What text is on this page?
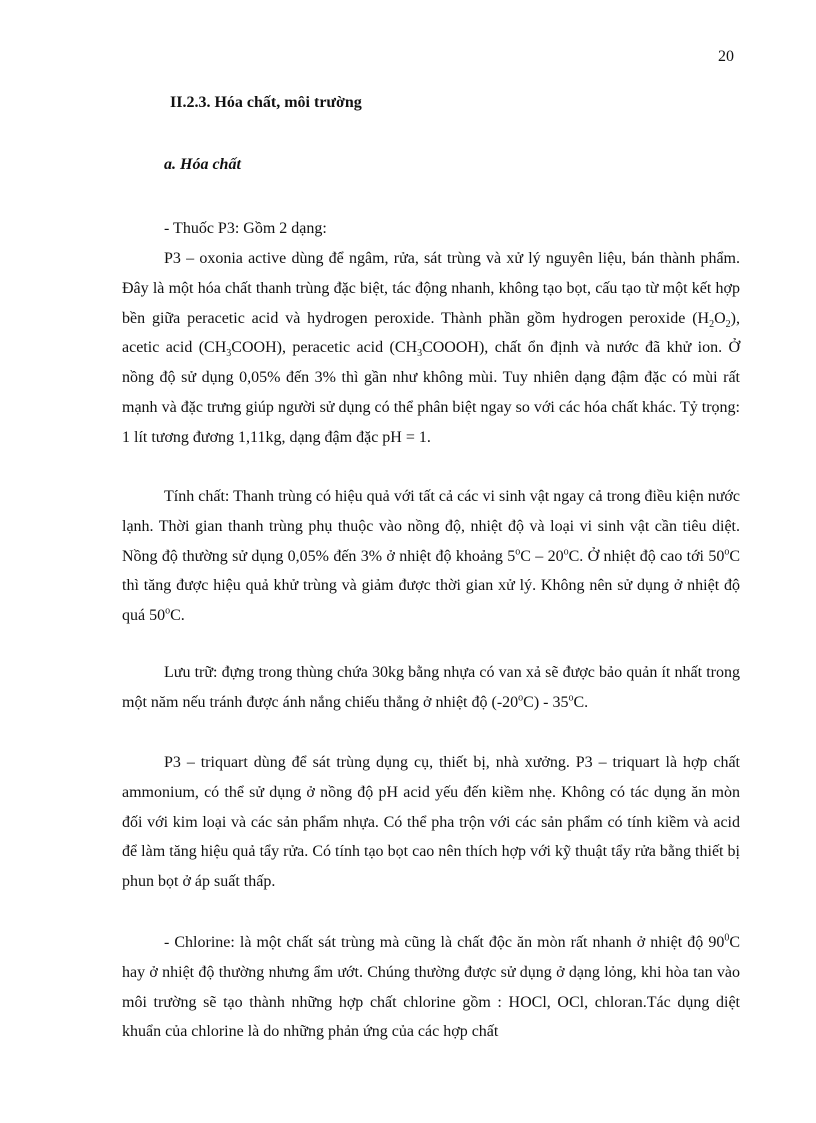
20
II.2.3. Hóa chất, môi trường
a. Hóa chất

- Thuốc P3: Gồm 2 dạng:

P3 – oxonia active dùng để ngâm, rửa, sát trùng và xử lý nguyên liệu, bán thành phẩm. Đây là một hóa chất thanh trùng đặc biệt, tác động nhanh, không tạo bọt, cấu tạo từ một kết hợp bền giữa peracetic acid và hydrogen peroxide. Thành phần gồm hydrogen peroxide $(H_2O_2)$, acetic acid $(CH_3COOH)$, peracetic acid $(CH_3COOOH)$, chất ổn định và nước đã khử ion. Ở nồng độ sử dụng 0,05% đến 3% thì gần như không mùi. Tuy nhiên dạng đậm đặc có mùi rất mạnh và đặc trưng giúp người sử dụng có thể phân biệt ngay so với các hóa chất khác. Tỷ trọng: 1 lít tương đương 1,11kg, dạng đậm đặc pH = 1.

Tính chất: Thanh trùng có hiệu quả với tất cả các vi sinh vật ngay cả trong điều kiện nước lạnh. Thời gian thanh trùng phụ thuộc vào nồng độ, nhiệt độ và loại vi sinh vật cần tiêu diệt. Nồng độ thường sử dụng 0,05% đến 3% ở nhiệt độ khoảng 5$^o$C – 20$^o$C. Ở nhiệt độ cao tới 50$^o$C thì tăng được hiệu quả khử trùng và giảm được thời gian xử lý. Không nên sử dụng ở nhiệt độ quá 50$^o$C.

Lưu trữ: đựng trong thùng chứa 30kg bằng nhựa có van xả sẽ được bảo quản ít nhất trong một năm nếu tránh được ánh nắng chiếu thẳng ở nhiệt độ (-20$^o$C) - 35$^o$C.

P3 – triquart dùng để sát trùng dụng cụ, thiết bị, nhà xưởng. P3 – triquart là hợp chất ammonium, có thể sử dụng ở nồng độ pH acid yếu đến kiềm nhẹ. Không có tác dụng ăn mòn đối với kim loại và các sản phẩm nhựa. Có thể pha trộn với các sản phẩm có tính kiềm và acid để làm tăng hiệu quả tẩy rửa. Có tính tạo bọt cao nên thích hợp với kỹ thuật tẩy rửa bằng thiết bị phun bọt ở áp suất thấp.

- Chlorine: là một chất sát trùng mà cũng là chất độc ăn mòn rất nhanh ở nhiệt độ $90^0C$ hay ở nhiệt độ thường nhưng ẩm ướt. Chúng thường được sử dụng ở dạng lỏng, khi hòa tan vào môi trường sẽ tạo thành những hợp chất chlorine gồm : HOCl, OCl, chloran.Tác dụng diệt khuẩn của chlorine là do những phản ứng của các hợp chất
